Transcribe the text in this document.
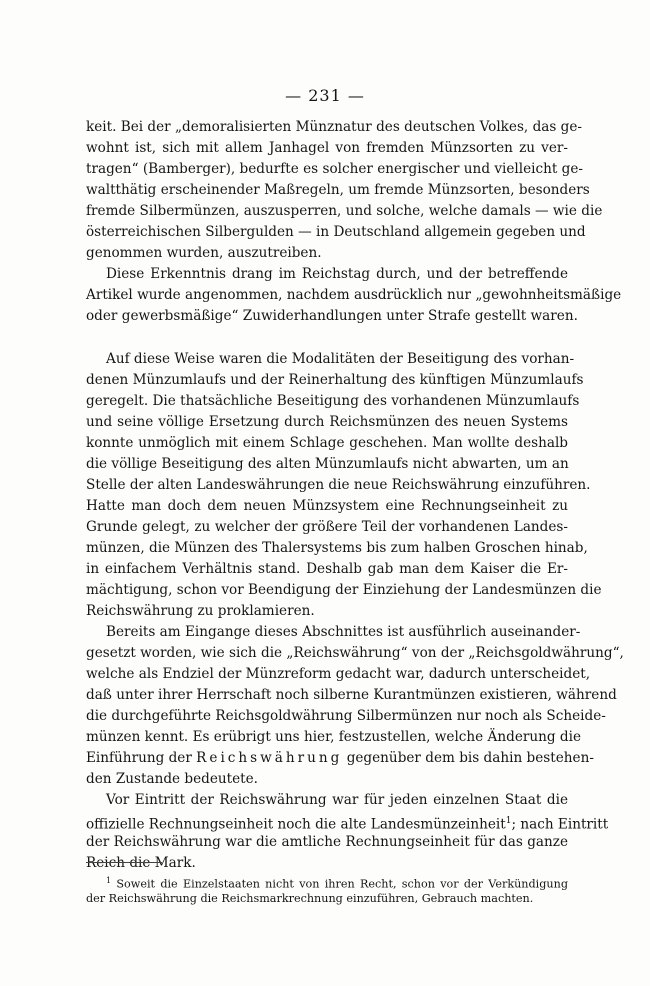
— 231 —
keit. Bei der „demoralisierten Münznatur des deutschen Volkes, das ge-
wohnt ist, sich mit allem Janhagel von fremden Münzsorten zu ver-
tragen“ (Bamberger), bedurfte es solcher energischer und vielleicht ge-
waltthätig erscheinender Maßregeln, um fremde Münzsorten, besonders
fremde Silbermünzen, auszusperren, und solche, welche damals — wie die
österreichischen Silbergulden — in Deutschland allgemein gegeben und
genommen wurden, auszutreiben.
Diese Erkenntnis drang im Reichstag durch, und der betreffende
Artikel wurde angenommen, nachdem ausdrücklich nur „gewohnheitsmäßige
oder gewerbsmäßige“ Zuwiderhandlungen unter Strafe gestellt waren.
Auf diese Weise waren die Modalitäten der Beseitigung des vorhan-
denen Münzumlaufs und der Reinerhaltung des künftigen Münzumlaufs
geregelt. Die thatsächliche Beseitigung des vorhandenen Münzumlaufs
und seine völlige Ersetzung durch Reichsmünzen des neuen Systems
konnte unmöglich mit einem Schlage geschehen. Man wollte deshalb
die völlige Beseitigung des alten Münzumlaufs nicht abwarten, um an
Stelle der alten Landeswährungen die neue Reichswährung einzuführen.
Hatte man doch dem neuen Münzsystem eine Rechnungseinheit zu
Grunde gelegt, zu welcher der größere Teil der vorhandenen Landes-
münzen, die Münzen des Thalersystems bis zum halben Groschen hinab,
in einfachem Verhältnis stand. Deshalb gab man dem Kaiser die Er-
mächtigung, schon vor Beendigung der Einziehung der Landesmünzen die
Reichswährung zu proklamieren.
Bereits am Eingange dieses Abschnittes ist ausführlich auseinander-
gesetzt worden, wie sich die „Reichswährung“ von der „Reichsgoldwährung“,
welche als Endziel der Münzreform gedacht war, dadurch unterscheidet,
daß unter ihrer Herrschaft noch silberne Kurantmünzen existieren, während
die durchgeführte Reichsgoldwährung Silbermünzen nur noch als Scheide-
münzen kennt. Es erübrigt uns hier, festzustellen, welche Änderung die
Einführung der Reichswährung gegenüber dem bis dahin bestehen-
den Zustande bedeutete.
Vor Eintritt der Reichswährung war für jeden einzelnen Staat die
offizielle Rechnungseinheit noch die alte Landesmünzeinheit$^1$; nach Eintritt
der Reichswährung war die amtliche Rechnungseinheit für das ganze
Reich die Mark.
$^1$ Soweit die Einzelstaaten nicht von ihren Recht, schon vor der Verkündigung
der Reichswährung die Reichsmarkrechnung einzuführen, Gebrauch machten.
